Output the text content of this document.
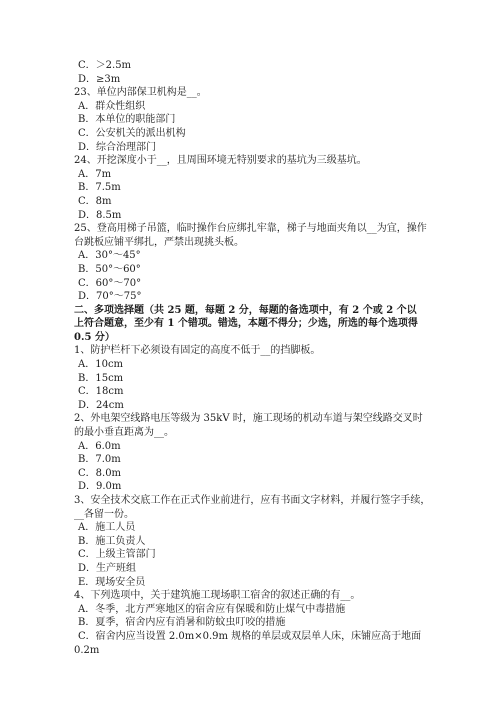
C．＞2.5m
D．≥3m
23、单位内部保卫机构是__。
A．群众性组织
B．本单位的职能部门
C．公安机关的派出机构
D．综合治理部门
24、开挖深度小于__，且周围环境无特别要求的基坑为三级基坑。
A．7m
B．7.5m
C．8m
D．8.5m
25、登高用梯子吊篮，临时操作台应绑扎牢靠，梯子与地面夹角以__为宜，操作
台跳板应铺平绑扎，严禁出现挑头板。
A．30°～45°
B．50°～60°
C．60°～70°
D．70°～75°
二、多项选择题（共 25 题，每题 2 分，每题的备选项中，有 2 个或 2 个以
上符合题意，至少有 1 个错项。错选，本题不得分；少选，所选的每个选项得
0.5 分）
1、防护栏杆下必须设有固定的高度不低于__的挡脚板。
A．10cm
B．15cm
C．18cm
D．24cm
2、外电架空线路电压等级为 35kV 时，施工现场的机动车道与架空线路交叉时
的最小垂直距离为__。
A．6.0m
B．7.0m
C．8.0m
D．9.0m
3、安全技术交底工作在正式作业前进行，应有书面文字材料，并履行签字手续，
__各留一份。
A．施工人员
B．施工负责人
C．上级主管部门
D．生产班组
E．现场安全员
4、下列选项中，关于建筑施工现场职工宿舍的叙述正确的有__。
A．冬季，北方严寒地区的宿舍应有保暖和防止煤气中毒措施
B．夏季，宿舍内应有消暑和防蚊虫叮咬的措施
C．宿舍内应当设置 2.0m×0.9m 规格的单层或双层单人床，床铺应高于地面
0.2m
